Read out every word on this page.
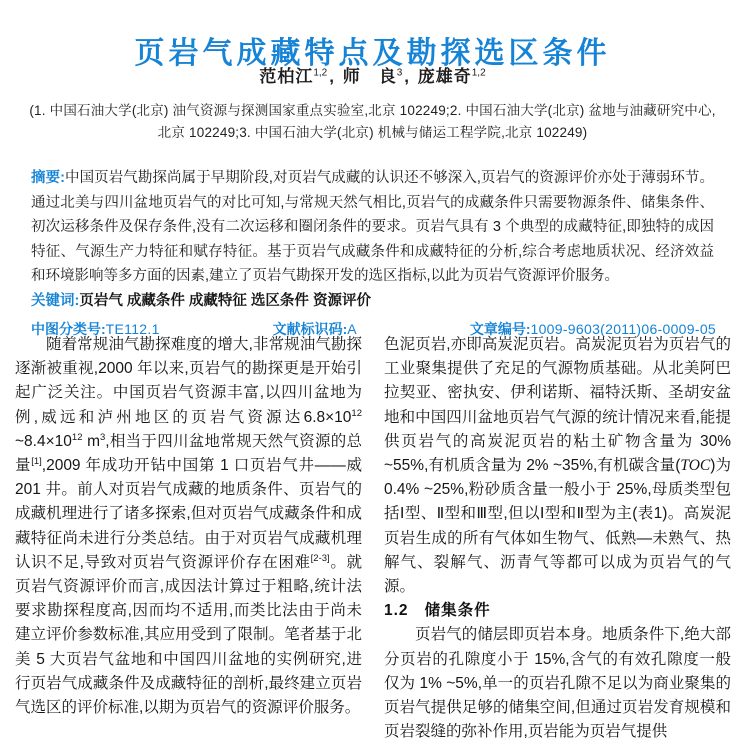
页岩气成藏特点及勘探选区条件
范柏江$^{1,2}$ , 师　良$^3$ , 庞雄奇$^{1,2}$
(1. 中国石油大学(北京) 油气资源与探测国家重点实验室,北京 102249;2. 中国石油大学(北京) 盆地与油藏研究中心,
北京 102249;3. 中国石油大学(北京) 机械与储运工程学院,北京 102249)

摘要:中国页岩气勘探尚属于早期阶段,对页岩气成藏的认识还不够深入,页岩气的资源评价亦处于薄弱环节。通过北美与四川盆地页岩气的对比可知,与常规天然气相比,页岩气的成藏条件只需要物源条件、储集条件、初次运移条件及保存条件,没有二次运移和圈闭条件的要求。页岩气具有 3 个典型的成藏特征,即独特的成因特征、气源生产力特征和赋存特征。基于页岩气成藏条件和成藏特征的分析,综合考虑地质状况、经济效益和环境影响等多方面的因素,建立了页岩气勘探开发的选区指标,以此为页岩气资源评价服务。

关键词:页岩气 成藏条件 成藏特征 选区条件 资源评价

中图分类号:TE112.1	文献标识码:A	文章编号:1009-9603(2011)06-0009-05

随着常规油气勘探难度的增大,非常规油气勘探逐渐被重视,2000 年以来,页岩气的勘探更是开始引起广泛关注。中国页岩气资源丰富,以四川盆地为例,威远和泸州地区的页岩气资源达$6.8\times 10^{12}$ $\sim 8.4\times 10^{12}$ $m^3$,相当于四川盆地常规天然气资源的总量[1],2009 年成功开钻中国第 1 口页岩气井——威 201 井。前人对页岩气成藏的地质条件、页岩气的成藏机理进行了诸多探索,但对页岩气成藏条件和成藏特征尚未进行分类总结。由于对页岩气成藏机理认识不足,导致对页岩气资源评价存在困难[2-3]。就页岩气资源评价而言,成因法计算过于粗略,统计法要求勘探程度高,因而均不适用,而类比法由于尚未建立评价参数标准,其应用受到了限制。笔者基于北美 5 大页岩气盆地和中国四川盆地的实例研究,进行页岩气成藏条件及成藏特征的剖析,最终建立页岩气选区的评价标准,以期为页岩气的资源评价服务。

色泥页岩,亦即高炭泥页岩。高炭泥页岩为页岩气的工业聚集提供了充足的气源物质基础。从北美阿巴拉契亚、密执安、伊利诺斯、福特沃斯、圣胡安盆地和中国四川盆地页岩气气源的统计情况来看,能提供页岩气的高炭泥页岩的粘土矿物含量为 30% ~55%,有机质含量为 2% ~35%,有机碳含量(TOC)为 0.4% ~25%,粉砂质含量一般小于 25%,母质类型包括Ⅰ型、Ⅱ型和Ⅲ型,但以Ⅰ型和Ⅱ型为主(表1)。高炭泥页岩生成的所有气体如生物气、低熟—未熟气、热解气、裂解气、沥青气等都可以成为页岩气的气源。

1.2 储集条件

页岩气的储层即页岩本身。地质条件下,绝大部分页岩的孔隙度小于 15%,含气的有效孔隙度一般仅为 1% ~5%,单一的页岩孔隙不足以为商业聚集的页岩气提供足够的储集空间,但通过页岩发育规模和页岩裂缝的弥补作用,页岩能为页岩气提供
